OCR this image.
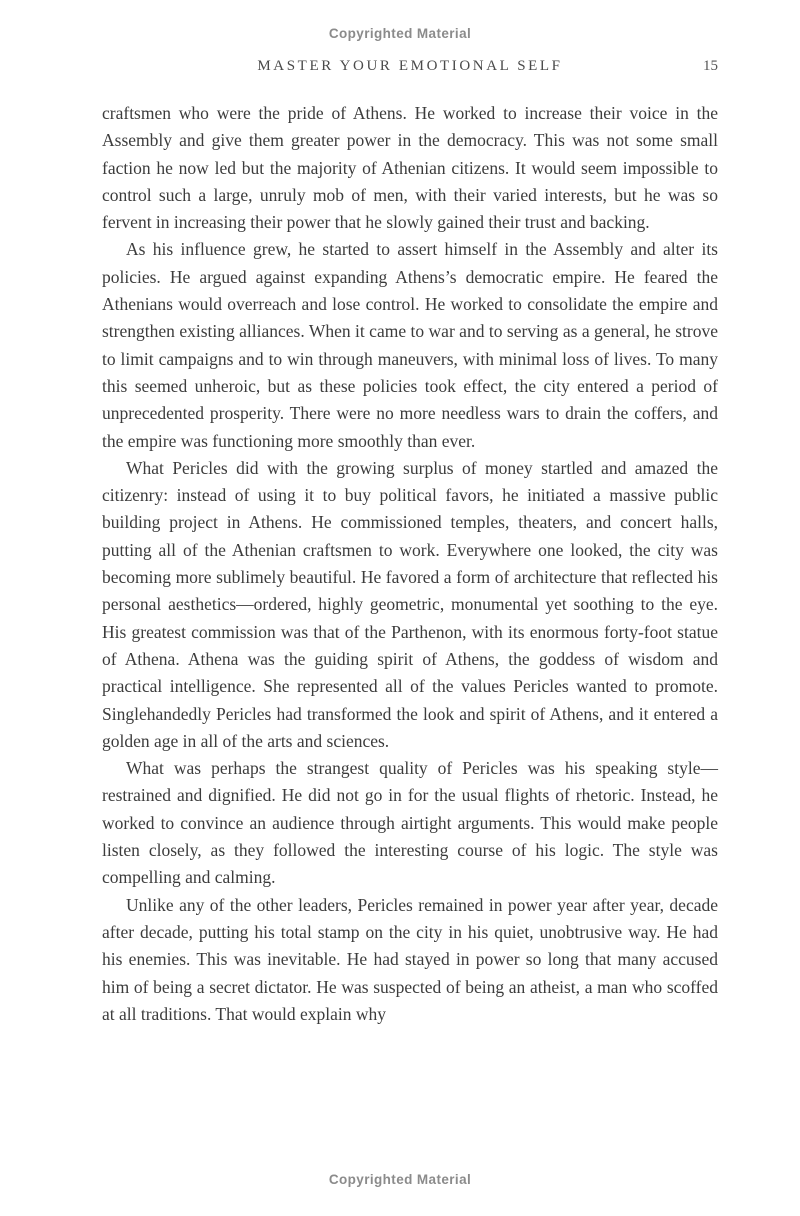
Copyrighted Material
MASTER YOUR EMOTIONAL SELF	15

craftsmen who were the pride of Athens. He worked to increase their voice in the Assembly and give them greater power in the democracy. This was not some small faction he now led but the majority of Athenian citizens. It would seem impossible to control such a large, unruly mob of men, with their varied interests, but he was so fervent in increasing their power that he slowly gained their trust and backing.

As his influence grew, he started to assert himself in the Assembly and alter its policies. He argued against expanding Athens’s democratic empire. He feared the Athenians would overreach and lose control. He worked to consolidate the empire and strengthen existing alliances. When it came to war and to serving as a general, he strove to limit campaigns and to win through maneuvers, with minimal loss of lives. To many this seemed unheroic, but as these policies took effect, the city entered a period of unprecedented prosperity. There were no more needless wars to drain the coffers, and the empire was functioning more smoothly than ever.

What Pericles did with the growing surplus of money startled and amazed the citizenry: instead of using it to buy political favors, he initiated a massive public building project in Athens. He commissioned temples, theaters, and concert halls, putting all of the Athenian craftsmen to work. Everywhere one looked, the city was becoming more sublimely beautiful. He favored a form of architecture that reflected his personal aesthetics—ordered, highly geometric, monumental yet soothing to the eye. His greatest commission was that of the Parthenon, with its enormous forty-foot statue of Athena. Athena was the guiding spirit of Athens, the goddess of wisdom and practical intelligence. She represented all of the values Pericles wanted to promote. Singlehandedly Pericles had transformed the look and spirit of Athens, and it entered a golden age in all of the arts and sciences.

What was perhaps the strangest quality of Pericles was his speaking style—restrained and dignified. He did not go in for the usual flights of rhetoric. Instead, he worked to convince an audience through airtight arguments. This would make people listen closely, as they followed the interesting course of his logic. The style was compelling and calming.

Unlike any of the other leaders, Pericles remained in power year after year, decade after decade, putting his total stamp on the city in his quiet, unobtrusive way. He had his enemies. This was inevitable. He had stayed in power so long that many accused him of being a secret dictator. He was suspected of being an atheist, a man who scoffed at all traditions. That would explain why

Copyrighted Material
